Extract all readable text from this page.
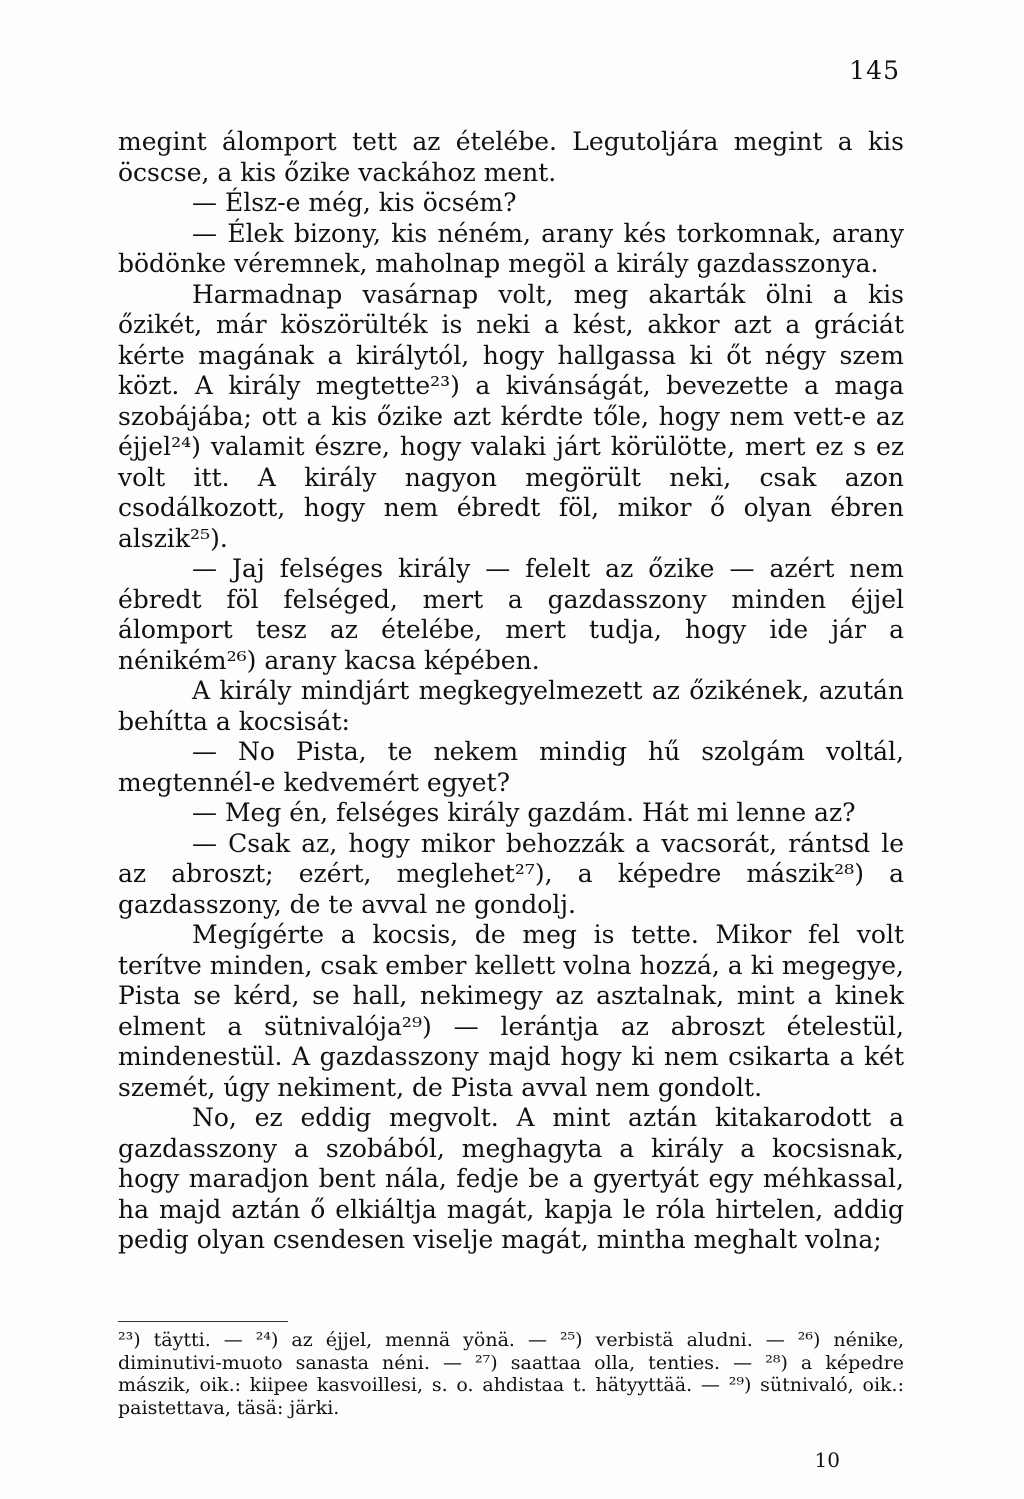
145

megint álomport tett az ételébe. Legutoljára megint a kis öcscse, a kis őzike vackához ment.

— Élsz-e még, kis öcsém?

— Élek bizony, kis néném, arany kés torkomnak, arany bödönke véremnek, maholnap megöl a király gazdasszonya.

Harmadnap vasárnap volt, meg akarták ölni a kis őzikét, már köszörülték is neki a kést, akkor azt a gráciát kérte magának a királytól, hogy hallgassa ki őt négy szem közt. A király megtette²³) a kivánságát, bevezette a maga szobájába; ott a kis őzike azt kérdte tőle, hogy nem vett-e az éjjel²⁴) valamit észre, hogy valaki járt körülötte, mert ez s ez volt itt. A király nagyon megörült neki, csak azon csodálkozott, hogy nem ébredt föl, mikor ő olyan ébren alszik²⁵).

— Jaj felséges király — felelt az őzike — azért nem ébredt föl felséged, mert a gazdasszony minden éjjel álomport tesz az ételébe, mert tudja, hogy ide jár a nénikém²⁶) arany kacsa képében.

A király mindjárt megkegyelmezett az őzikének, azután behítta a kocsisát:

— No Pista, te nekem mindig hű szolgám voltál, megtennél-e kedvemért egyet?

— Meg én, felséges király gazdám. Hát mi lenne az?

— Csak az, hogy mikor behozzák a vacsorát, rántsd le az abroszt; ezért, meglehet²⁷), a képedre mászik²⁸) a gazdasszony, de te avval ne gondolj.

Megígérte a kocsis, de meg is tette. Mikor fel volt terítve minden, csak ember kellett volna hozzá, a ki megegye, Pista se kérd, se hall, nekimegy az asztalnak, mint a kinek elment a sütnivalója²⁹) — lerántja az abroszt ételestül, mindenestül. A gazdasszony majd hogy ki nem csikarta a két szemét, úgy nekiment, de Pista avval nem gondolt.

No, ez eddig megvolt. A mint aztán kitakarodott a gazdasszony a szobából, meghagyta a király a kocsisnak, hogy maradjon bent nála, fedje be a gyertyát egy méhkassal, ha majd aztán ő elkiáltja magát, kapja le róla hirtelen, addig pedig olyan csendesen viselje magát, mintha meghalt volna;

²³) täytti. — ²⁴) az éjjel, mennä yönä. — ²⁵) verbistä aludni. — ²⁶) nénike, diminutivi-muoto sanasta néni. — ²⁷) saattaa olla, tenties. — ²⁸) a képedre mászik, oik.: kiipee kasvoillesi, s. o. ahdistaa t. hätyyttää. — ²⁹) sütnivaló, oik.: paistettava, täsä: järki.

10
